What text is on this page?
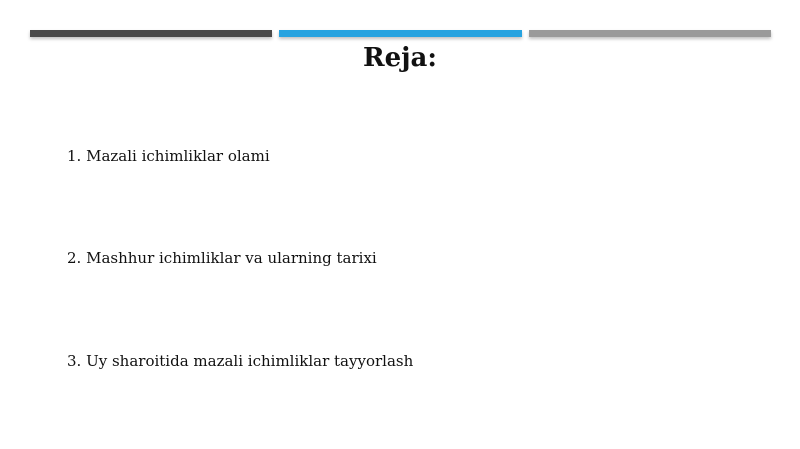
Reja:
1. Mazali ichimliklar olami
2. Mashhur ichimliklar va ularning tarixi
3. Uy sharoitida mazali ichimliklar tayyorlash
